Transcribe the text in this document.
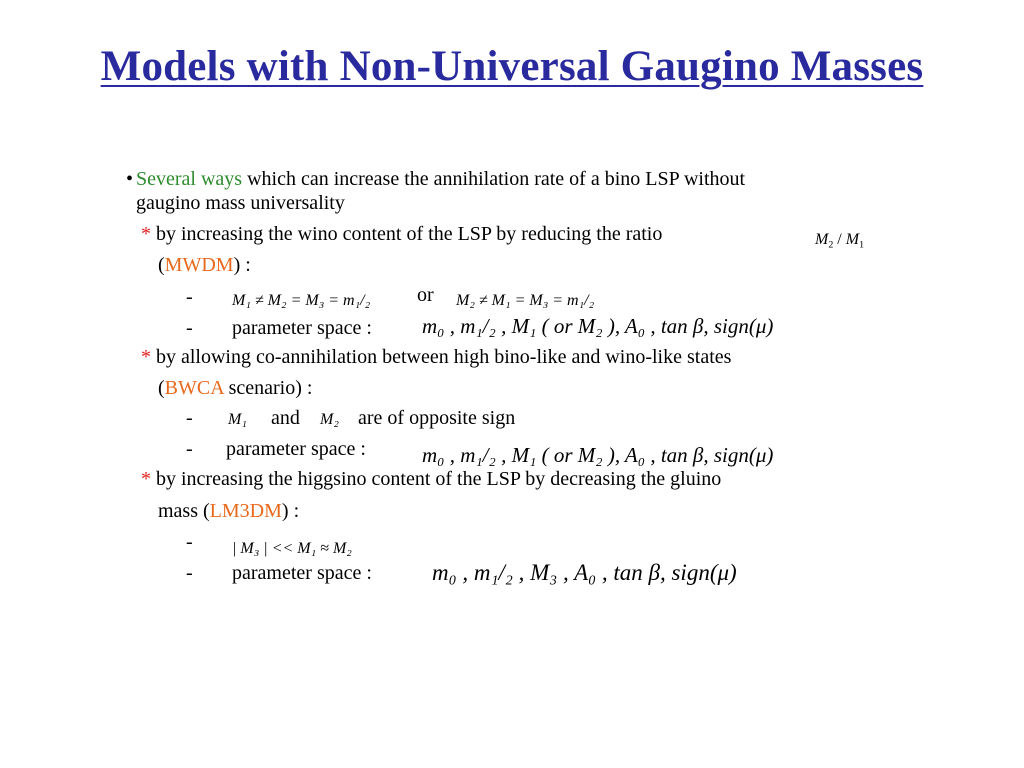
Models with Non-Universal Gaugino Masses
• Several ways which can increase the annihilation rate of a bino LSP without
gaugino mass universality
* by increasing the wino content of the LSP by reducing the ratio	$M_2 / M_1$
(MWDM) :
- M₁ ≠ M₂ = M₃ = m₁/₂ or M₂ ≠ M₁ = M₃ = m₁/₂
- parameter space : m₀ , m₁/₂ , M₁ ( or M₂ ), A₀ , tan β, sign(μ)
* by allowing co-annihilation between high bino-like and wino-like states
(BWCA scenario) :
- M₁ and M₂ are of opposite sign
- parameter space :	m₀ , m₁/₂ , M₁ ( or M₂ ), A₀ , tan β, sign(μ)
* by increasing the higgsino content of the LSP by decreasing the gluino
mass (LM3DM) :
- | M₃ | << M₁ ≈ M₂
- parameter space :	m₀ , m₁/₂ , M₃ , A₀ , tan β, sign(μ)
